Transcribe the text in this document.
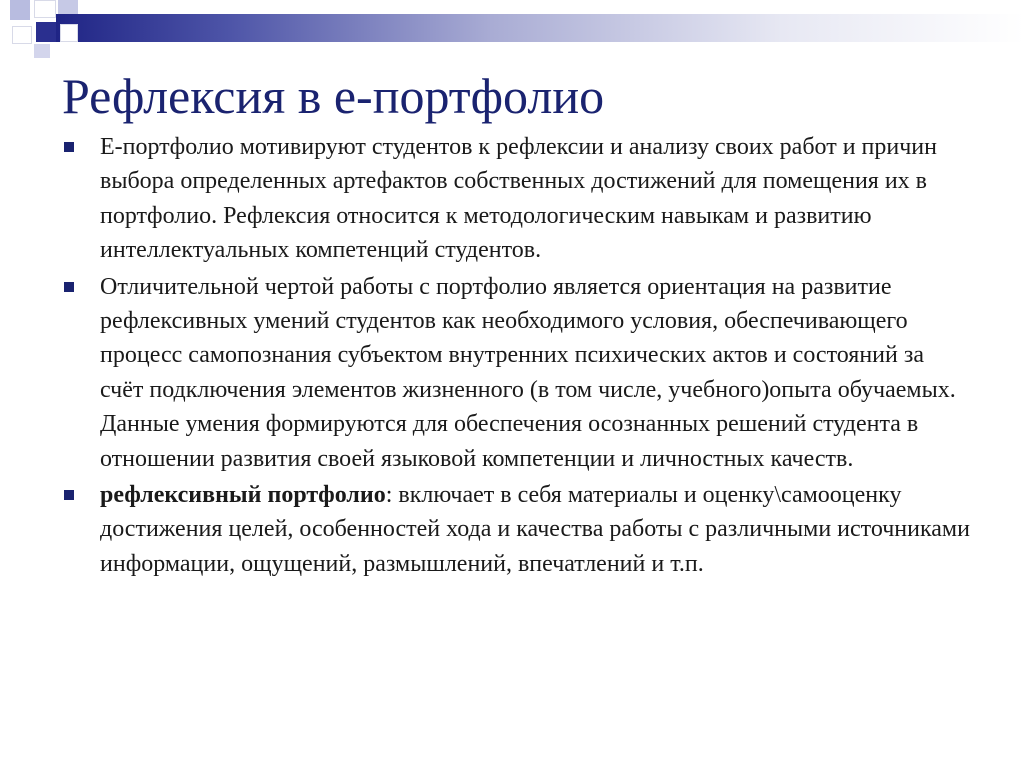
Рефлексия в е-портфолио
Е-портфолио мотивируют студентов к рефлексии и анализу своих работ и причин выбора определенных артефактов собственных достижений для помещения их в портфолио. Рефлексия относится к методологическим навыкам и развитию интеллектуальных компетенций студентов.
Отличительной чертой работы с портфолио является ориентация на развитие рефлексивных умений студентов как необходимого условия, обеспечивающего процесс самопознания субъектом внутренних психических актов и состояний за счёт подключения элементов жизненного (в том числе, учебного)опыта обучаемых. Данные умения формируются для обеспечения осознанных решений студента в отношении развития своей языковой компетенции и личностных качеств.
рефлексивный портфолио: включает в себя материалы и оценку\самооценку достижения целей, особенностей хода и качества работы с различными источниками информации, ощущений, размышлений, впечатлений и т.п.
